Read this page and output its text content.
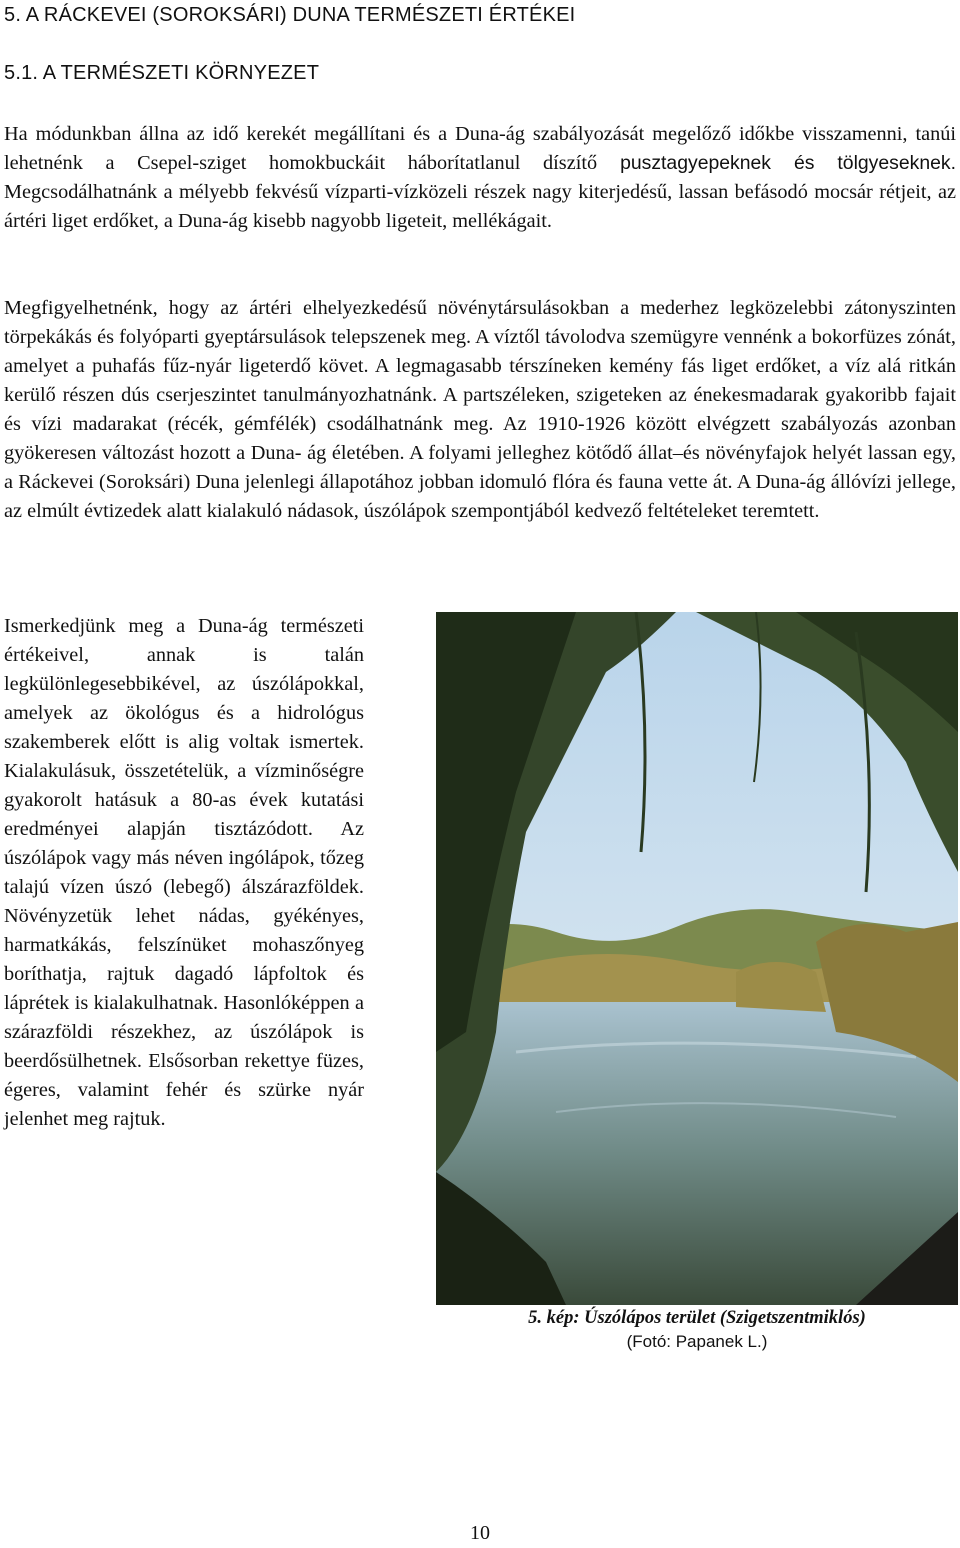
5. A RÁCKEVEI (SOROKSÁRI) DUNA TERMÉSZETI ÉRTÉKEI
5.1. A TERMÉSZETI KÖRNYEZET

Ha módunkban állna az idő kerekét megállítani és a Duna-ág szabályozását megelőző időkbe visszamenni, tanúi lehetnénk a Csepel-sziget homokbuckáit háborítatlanul díszítő pusztagyepeknek és tölgyeseknek. Megcsodálhatnánk a mélyebb fekvésű vízparti-vízközeli részek nagy kiterjedésű, lassan befásodó mocsár rétjeit, az ártéri liget erdőket, a Duna-ág kisebb nagyobb ligeteit, mellékágait.

Megfigyelhetnénk, hogy az ártéri elhelyezkedésű növénytársulásokban a mederhez legközelebbi zátonyszinten törpekákás és folyóparti gyeptársulások telepszenek meg. A víztől távolodva szemügyre vennénk a bokorfüzes zónát, amelyet a puhafás fűz-nyár ligeterdő követ. A legmagasabb térszíneken kemény fás liget erdőket, a víz alá ritkán kerülő részen dús cserjeszintet tanulmányozhatnánk. A partszéleken, szigeteken az énekesmadarak gyakoribb fajait és vízi madarakat (récék, gémfélék) csodálhatnánk meg. Az 1910-1926 között elvégzett szabályozás azonban gyökeresen változást hozott a Duna- ág életében. A folyami jelleghez kötődő állat–és növényfajok helyét lassan egy, a Ráckevei (Soroksári) Duna jelenlegi állapotához jobban idomuló flóra és fauna vette át. A Duna-ág állóvízi jellege, az elmúlt évtizedek alatt kialakuló nádasok, úszólápok szempontjából kedvező feltételeket teremtett.

Ismerkedjünk meg a Duna-ág természeti értékeivel, annak is talán legkülönlegesebbikével, az úszólápokkal, amelyek az ökológus és a hidrológus szakemberek előtt is alig voltak ismertek. Kialakulásuk, összetételük, a vízminőségre gyakorolt hatásuk a 80-as évek kutatási eredményei alapján tisztázódott. Az úszólápok vagy más néven ingólápok, tőzeg talajú vízen úszó (lebegő) álszárazföldek. Növényzetük lehet nádas, gyékényes, harmatkákás, felszínüket mohaszőnyeg boríthatja, rajtuk dagadó lápfoltok és láprétek is kialakulhatnak. Hasonlóképpen a szárazföldi részekhez, az úszólápok is beerdősülhetnek. Elsősorban rekettye füzes, égeres, valamint fehér és szürke nyár jelenhet meg rajtuk.

5. kép: Úszólápos terület (Szigetszentmiklós)
(Fotó: Papanek L.)
10
